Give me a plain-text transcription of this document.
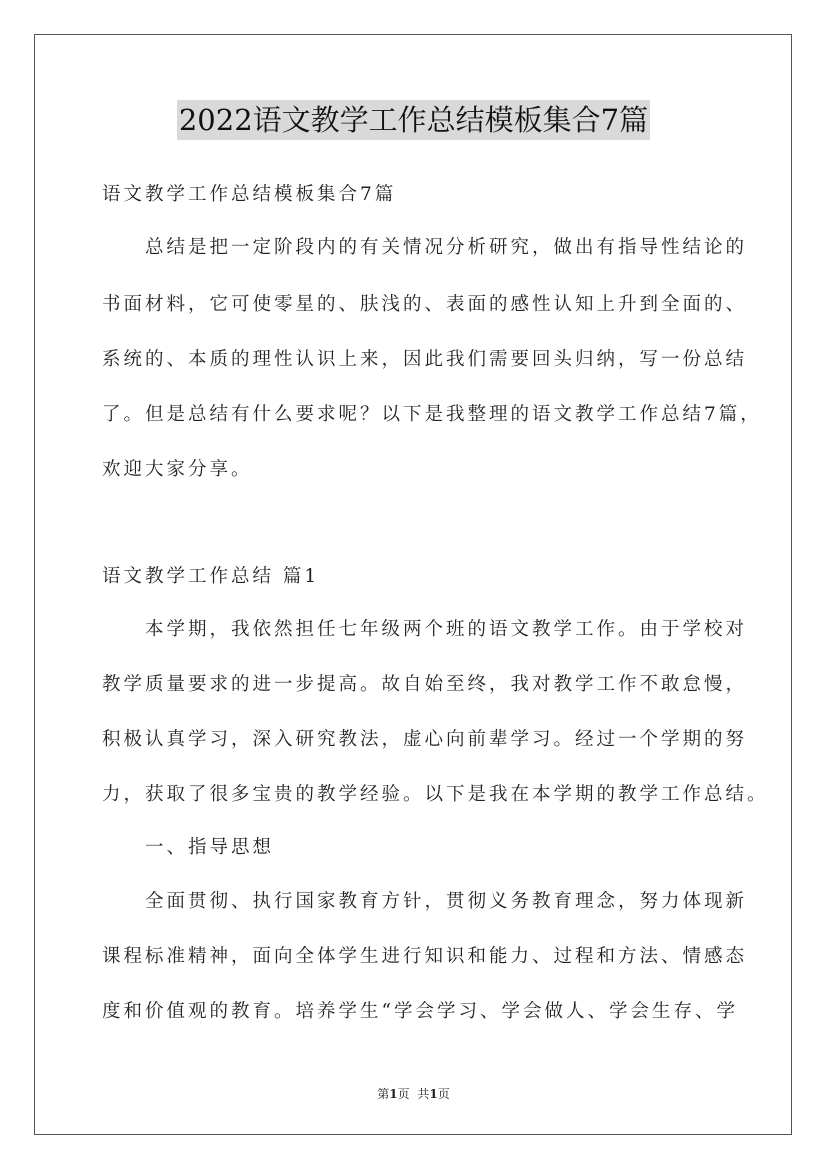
2022语文教学工作总结模板集合7篇
语文教学工作总结模板集合7篇
总结是把一定阶段内的有关情况分析研究，做出有指导性结论的
书面材料，它可使零星的、肤浅的、表面的感性认知上升到全面的、
系统的、本质的理性认识上来，因此我们需要回头归纳，写一份总结
了。但是总结有什么要求呢？以下是我整理的语文教学工作总结7篇，
欢迎大家分享。
语文教学工作总结 篇1
本学期，我依然担任七年级两个班的语文教学工作。由于学校对
教学质量要求的进一步提高。故自始至终，我对教学工作不敢怠慢，
积极认真学习，深入研究教法，虚心向前辈学习。经过一个学期的努
力，获取了很多宝贵的教学经验。以下是我在本学期的教学工作总结。
一、指导思想
全面贯彻、执行国家教育方针，贯彻义务教育理念，努力体现新
课程标准精神，面向全体学生进行知识和能力、过程和方法、情感态
度和价值观的教育。培养学生“学会学习、学会做人、学会生存、学
第1页 共1页
